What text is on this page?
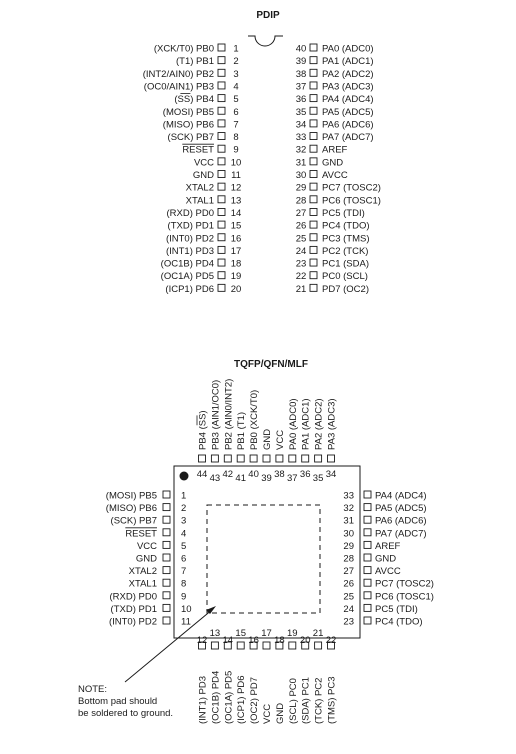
PDIP
1
(XCK/T0) PB0
2
(T1) PB1
3
(INT2/AIN0) PB2
4
(OC0/AIN1) PB3
5
(SS) PB4
6
(MOSI) PB5
7
(MISO) PB6
8
(SCK) PB7
9
RESET
10
VCC
11
GND
12
XTAL2
13
XTAL1
14
(RXD) PD0
15
(TXD) PD1
16
(INT0) PD2
17
(INT1) PD3
18
(OC1B) PD4
19
(OC1A) PD5
20
(ICP1) PD6
40 PA0 (ADC0)
39 PA1 (ADC1)
38 PA2 (ADC2)
37 PA3 (ADC3)
36 PA4 (ADC4)
35 PA5 (ADC5)
34 PA6 (ADC6)
33 PA7 (ADC7)
32 AREF
31 GND
30 AVCC
29 PC7 (TOSC2)
28 PC6 (TOSC1)
27 PC5 (TDI)
26 PC4 (TDO)
25 PC3 (TMS)
24 PC2 (TCK)
23 PC1 (SDA)
22 PC0 (SCL)
21 PD7 (OC2)
TQFP/QFN/MLF
1
(MOSI) PB5
2
(MISO) PB6
3
(SCK) PB7
4
RESET
5
VCC
6
GND
7
XTAL2
8
XTAL1
9
(RXD) PD0
10
(TXD) PD1
11
(INT0) PD2
33 PA4 (ADC4)
32 PA5 (ADC5)
31 PA6 (ADC6)
30 PA7 (ADC7)
29 AREF
28 GND
27 AVCC
26 PC7 (TOSC2)
25 PC6 (TOSC1)
24 PC5 (TDI)
23 PC4 (TDO)
44
PB4 (SS)
43
PB3 (AIN1/OC0)
42
PB2 (AIN0/INT2)
41
PB1 (T1)
40
PB0 (XCK/T0)
39
GND
38
VCC
37
PA0 (ADC0)
36
PA1 (ADC1)
35
PA2 (ADC2)
34
PA3 (ADC3)
12
(INT1) PD3
13
(OC1B) PD4
14
(OC1A) PD5
15
(ICP1) PD6
16
(OC2) PD7
17
VCC
18
GND
19
(SCL) PC0
20
(SDA) PC1
21
(TCK) PC2
22
(TMS) PC3
NOTE:
Bottom pad should
be soldered to ground.
